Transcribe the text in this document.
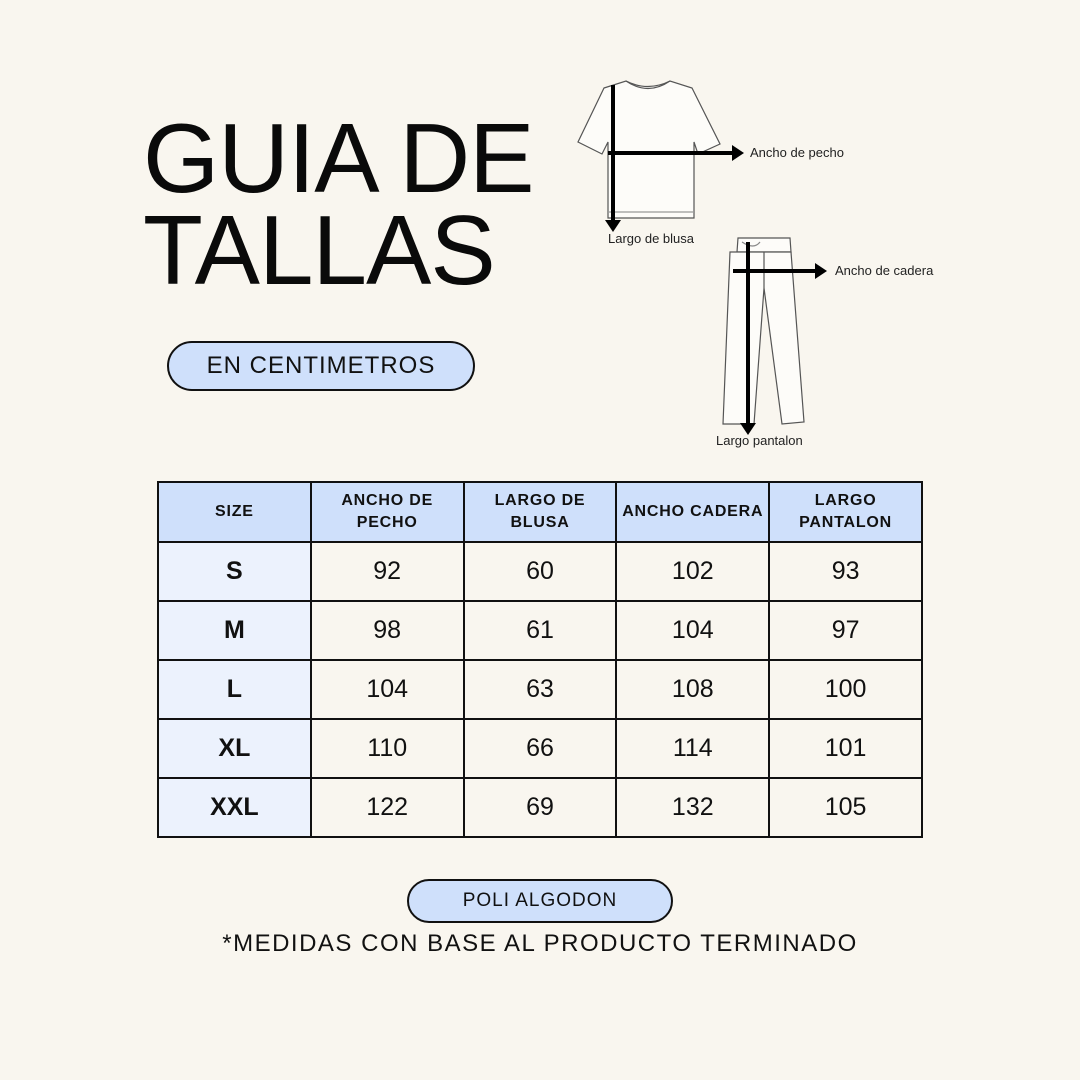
GUIA DE
TALLAS
EN CENTIMETROS
Ancho de pecho
Largo de blusa
Ancho de cadera
Largo pantalon
SIZE	ANCHO DE PECHO	LARGO DE BLUSA	ANCHO CADERA	LARGO PANTALON
S	92	60	102	93
M	98	61	104	97
L	104	63	108	100
XL	110	66	114	101
XXL	122	69	132	105
POLI ALGODON
*MEDIDAS CON BASE AL PRODUCTO TERMINADO
